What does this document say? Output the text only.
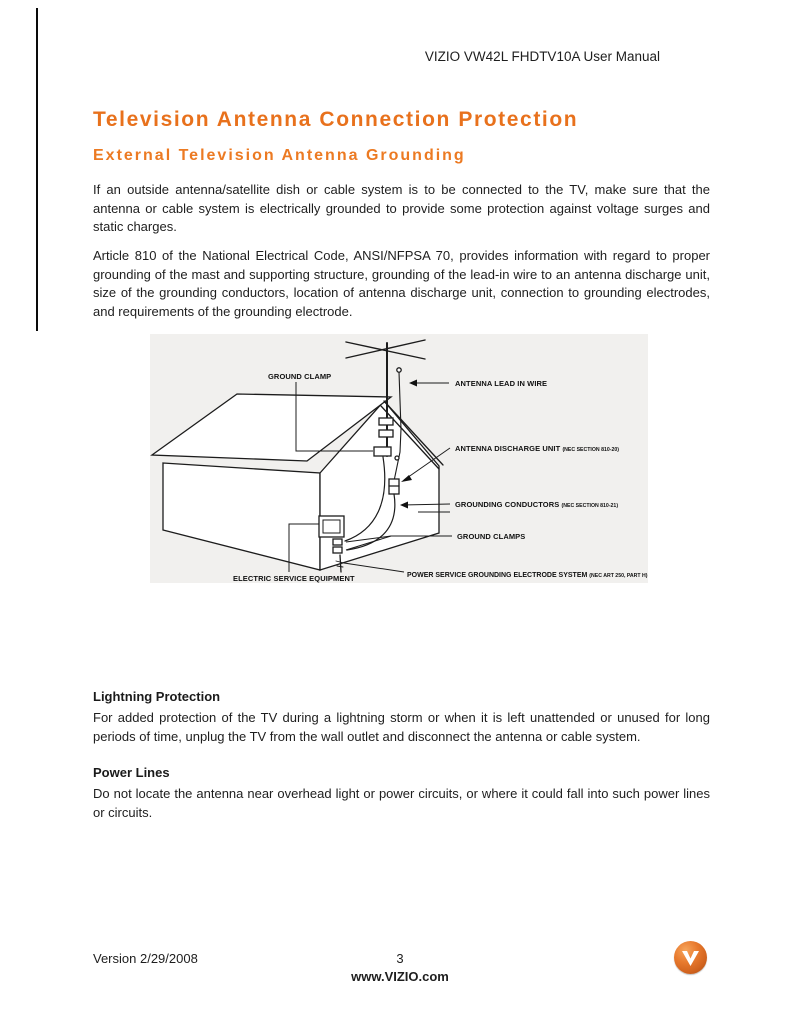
VIZIO VW42L FHDTV10A User Manual
Television Antenna Connection Protection
External Television Antenna Grounding
If an outside antenna/satellite dish or cable system is to be connected to the TV, make sure that the antenna or cable system is electrically grounded to provide some protection against voltage surges and static charges.
Article 810 of the National Electrical Code, ANSI/NFPSA 70, provides information with regard to proper grounding of the mast and supporting structure, grounding of the lead-in wire to an antenna discharge unit, size of the grounding conductors, location of antenna discharge unit, connection to grounding electrodes, and requirements of the grounding electrode.
GROUND CLAMP
ANTENNA LEAD IN WIRE
ANTENNA DISCHARGE UNIT (NEC SECTION 810-20)
GROUNDING CONDUCTORS (NEC SECTION 810-21)
GROUND CLAMPS
POWER SERVICE GROUNDING ELECTRODE SYSTEM (NEC ART 250, PART H)
ELECTRIC SERVICE EQUIPMENT
Lightning Protection
For added protection of the TV during a lightning storm or when it is left unattended or unused for long periods of time, unplug the TV from the wall outlet and disconnect the antenna or cable system.
Power Lines
Do not locate the antenna near overhead light or power circuits, or where it could fall into such power lines or circuits.
Version 2/29/2008	3
www.VIZIO.com
